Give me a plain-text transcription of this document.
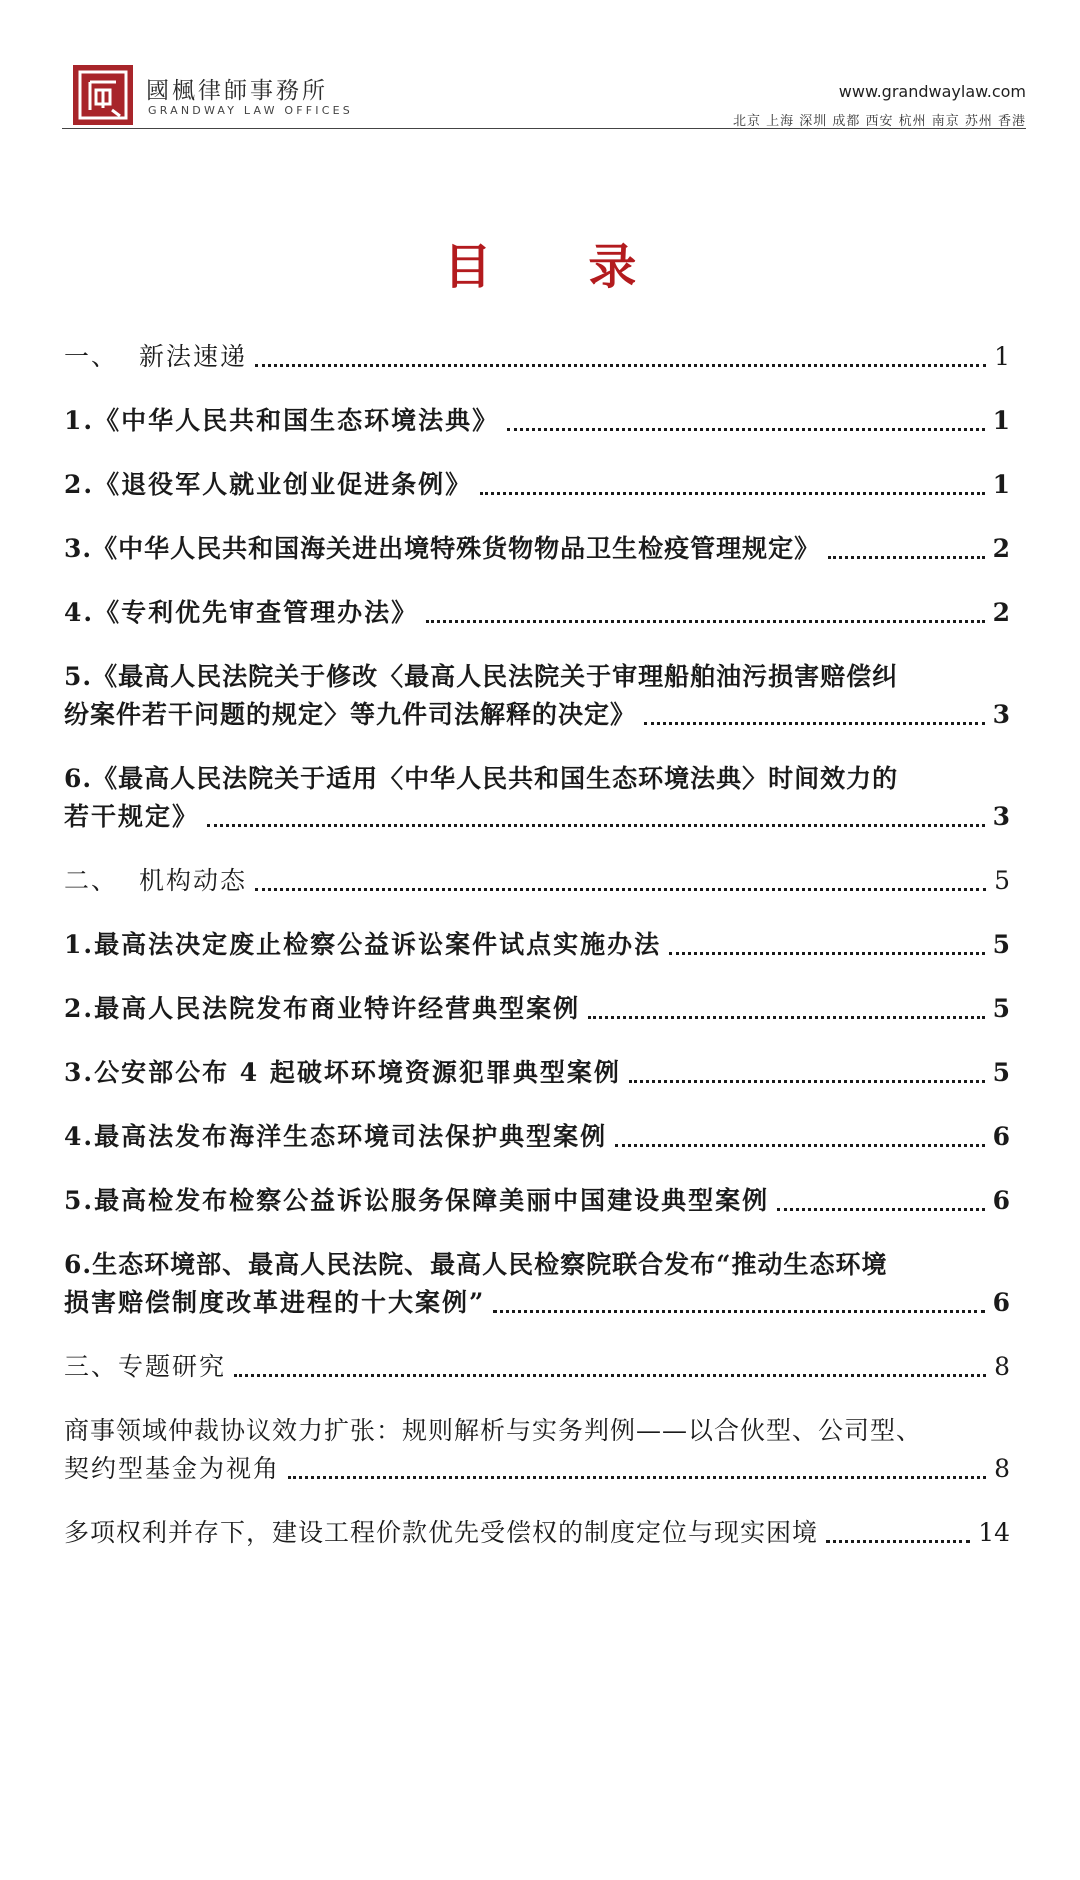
國楓律師事務所
GRANDWAY LAW OFFICES
www.grandwaylaw.com
北京 上海 深圳 成都 西安 杭州 南京 苏州 香港
目 录
一、 新法速递	1
1.《中华人民共和国生态环境法典》	1
2.《退役军人就业创业促进条例》	1
3.《中华人民共和国海关进出境特殊货物物品卫生检疫管理规定》	2
4.《专利优先审查管理办法》	2
5.《最高人民法院关于修改〈最高人民法院关于审理船舶油污损害赔偿纠
纷案件若干问题的规定〉等九件司法解释的决定》	3
6.《最高人民法院关于适用〈中华人民共和国生态环境法典〉时间效力的
若干规定》	3
二、 机构动态	5
1.最高法决定废止检察公益诉讼案件试点实施办法	5
2.最高人民法院发布商业特许经营典型案例	5
3.公安部公布 4 起破坏环境资源犯罪典型案例	5
4.最高法发布海洋生态环境司法保护典型案例	6
5.最高检发布检察公益诉讼服务保障美丽中国建设典型案例	6
6.生态环境部、最高人民法院、最高人民检察院联合发布“推动生态环境
损害赔偿制度改革进程的十大案例”	6
三、专题研究	8
商事领域仲裁协议效力扩张：规则解析与实务判例——以合伙型、公司型、
契约型基金为视角	8
多项权利并存下，建设工程价款优先受偿权的制度定位与现实困境	14
